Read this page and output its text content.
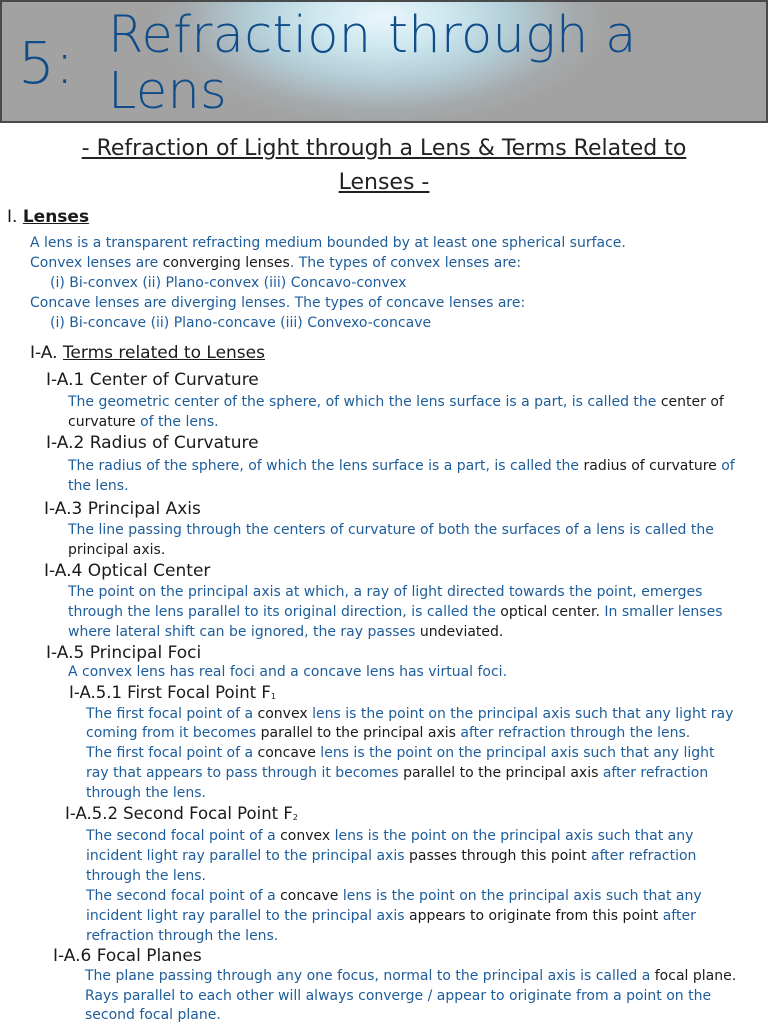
5: Refraction through a
Lens
- Refraction of Light through a Lens & Terms Related to
Lenses -
I. Lenses
A lens is a transparent refracting medium bounded by at least one spherical surface.
Convex lenses are converging lenses. The types of convex lenses are:
(i) Bi-convex (ii) Plano-convex (iii) Concavo-convex
Concave lenses are diverging lenses. The types of concave lenses are:
(i) Bi-concave (ii) Plano-concave (iii) Convexo-concave
I-A. Terms related to Lenses
I-A.1 Center of Curvature
The geometric center of the sphere, of which the lens surface is a part, is called the center of
curvature of the lens.
I-A.2 Radius of Curvature
The radius of the sphere, of which the lens surface is a part, is called the radius of curvature of
the lens.
I-A.3 Principal Axis
The line passing through the centers of curvature of both the surfaces of a lens is called the
principal axis.
I-A.4 Optical Center
The point on the principal axis at which, a ray of light directed towards the point, emerges
through the lens parallel to its original direction, is called the optical center. In smaller lenses
where lateral shift can be ignored, the ray passes undeviated.
I-A.5 Principal Foci
A convex lens has real foci and a concave lens has virtual foci.
I-A.5.1 First Focal Point $F_1$
The first focal point of a convex lens is the point on the principal axis such that any light ray
coming from it becomes parallel to the principal axis after refraction through the lens.
The first focal point of a concave lens is the point on the principal axis such that any light
ray that appears to pass through it becomes parallel to the principal axis after refraction
through the lens.
I-A.5.2 Second Focal Point $F_2$
The second focal point of a convex lens is the point on the principal axis such that any
incident light ray parallel to the principal axis passes through this point after refraction
through the lens.
The second focal point of a concave lens is the point on the principal axis such that any
incident light ray parallel to the principal axis appears to originate from this point after
refraction through the lens.
I-A.6 Focal Planes
The plane passing through any one focus, normal to the principal axis is called a focal plane.
Rays parallel to each other will always converge / appear to originate from a point on the
second focal plane.
